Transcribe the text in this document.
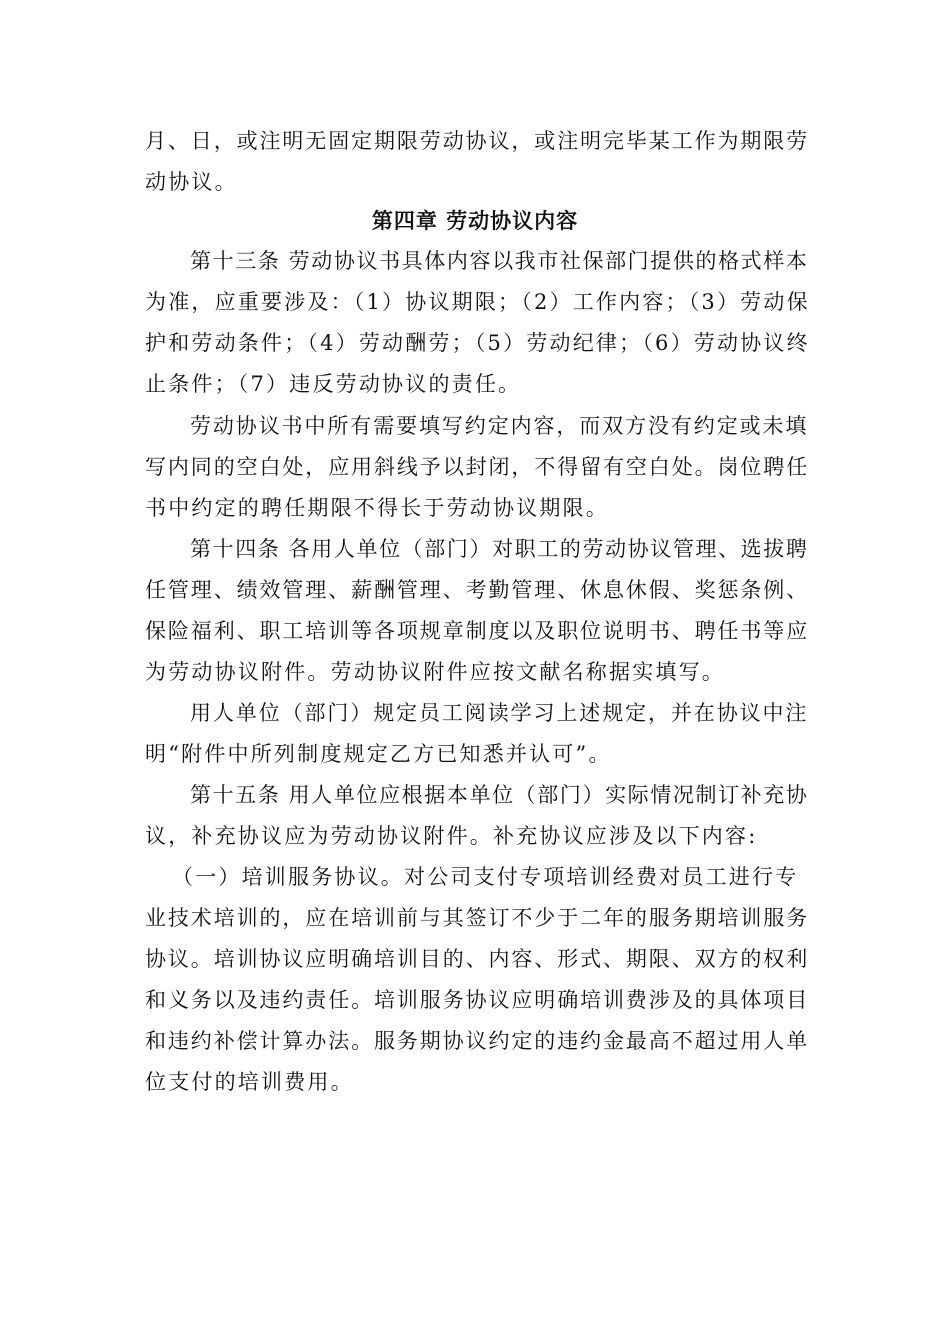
月、日，或注明无固定期限劳动协议，或注明完毕某工作为期限劳
动协议。
第四章 劳动协议内容
第十三条 劳动协议书具体内容以我市社保部门提供的格式样本
为准，应重要涉及：（1）协议期限；（2）工作内容；（3）劳动保
护和劳动条件；（4）劳动酬劳；（5）劳动纪律；（6）劳动协议终
止条件；（7）违反劳动协议的责任。
劳动协议书中所有需要填写约定内容，而双方没有约定或未填
写内同的空白处，应用斜线予以封闭，不得留有空白处。岗位聘任
书中约定的聘任期限不得长于劳动协议期限。
第十四条 各用人单位（部门）对职工的劳动协议管理、选拔聘
任管理、绩效管理、薪酬管理、考勤管理、休息休假、奖惩条例、
保险福利、职工培训等各项规章制度以及职位说明书、聘任书等应
为劳动协议附件。劳动协议附件应按文献名称据实填写。
用人单位（部门）规定员工阅读学习上述规定，并在协议中注
明“附件中所列制度规定乙方已知悉并认可”。
第十五条 用人单位应根据本单位（部门）实际情况制订补充协
议，补充协议应为劳动协议附件。补充协议应涉及以下内容:
（一）培训服务协议。对公司支付专项培训经费对员工进行专
业技术培训的，应在培训前与其签订不少于二年的服务期培训服务
协议。培训协议应明确培训目的、内容、形式、期限、双方的权利
和义务以及违约责任。培训服务协议应明确培训费涉及的具体项目
和违约补偿计算办法。服务期协议约定的违约金最高不超过用人单
位支付的培训费用。
